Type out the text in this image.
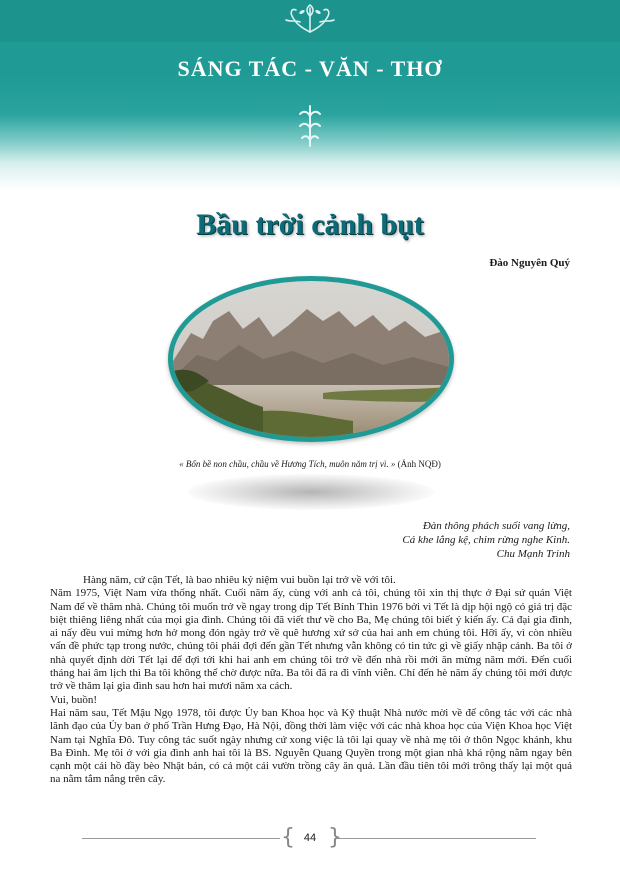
SÁNG TÁC - VĂN - THƠ
Bầu trời cảnh bụt
Đào Nguyên Quý
« Bốn bề non chầu, chầu về Hương Tích, muôn năm trị vì. » (Ảnh NQĐ)
Đàn thông phách suối vang lừng,
Cá khe lắng kệ, chim rừng nghe Kinh.
Chu Mạnh Trinh

Hàng năm, cứ cận Tết, là bao nhiêu kỷ niệm vui buồn lại trở về với tôi.

Năm 1975, Việt Nam vừa thống nhất. Cuối năm ấy, cùng với anh cả tôi, chúng tôi xin thị thực ở Đại sứ quán Việt Nam để về thăm nhà. Chúng tôi muốn trở về ngay trong dịp Tết Bính Thìn 1976 bởi vì Tết là dịp hội ngộ có giá trị đặc biệt thiêng liêng nhất của mọi gia đình. Chúng tôi đã viết thư về cho Ba, Mẹ chúng tôi biết ý kiến ấy. Cả đại gia đình, ai nấy đều vui mừng hơn hở mong đón ngày trở về quê hương xứ sở của hai anh em chúng tôi. Hỡi ấy, vì còn nhiều vấn đề phức tạp trong nước, chúng tôi phải đợi đến gần Tết nhưng vẫn không có tin tức gì về giấy nhập cảnh. Ba tôi ở nhà quyết định dời Tết lại để đợi tới khi hai anh em chúng tôi trở về đến nhà rồi mới ăn mừng năm mới. Đến cuối tháng hai âm lịch thì Ba tôi không thể chờ được nữa. Ba tôi đã ra đi vĩnh viễn. Chỉ đến hè năm ấy chúng tôi mới được trở về thăm lại gia đình sau hơn hai mươi năm xa cách.

Vui, buồn!

Hai năm sau, Tết Mậu Ngọ 1978, tôi được Ủy ban Khoa học và Kỹ thuật Nhà nước mời về để công tác với các nhà lãnh đạo của Ủy ban ở phố Trần Hưng Đạo, Hà Nội, đồng thời làm việc với các nhà khoa học của Viện Khoa học Việt Nam tại Nghĩa Đô. Tuy công tác suốt ngày nhưng cứ xong việc là tôi lại quay về nhà mẹ tôi ở thôn Ngọc khánh, khu Ba Đình. Mẹ tôi ở với gia đình anh hai tôi là BS. Nguyễn Quang Quyền trong một gian nhà khá rộng nằm ngay bên cạnh một cái hồ đầy bèo Nhật bản, có cả một cái vườn trồng cây ăn quả. Lần đầu tiên tôi mới trông thấy lại một quả na nằm tắm nắng trên cây.

{ }
44
